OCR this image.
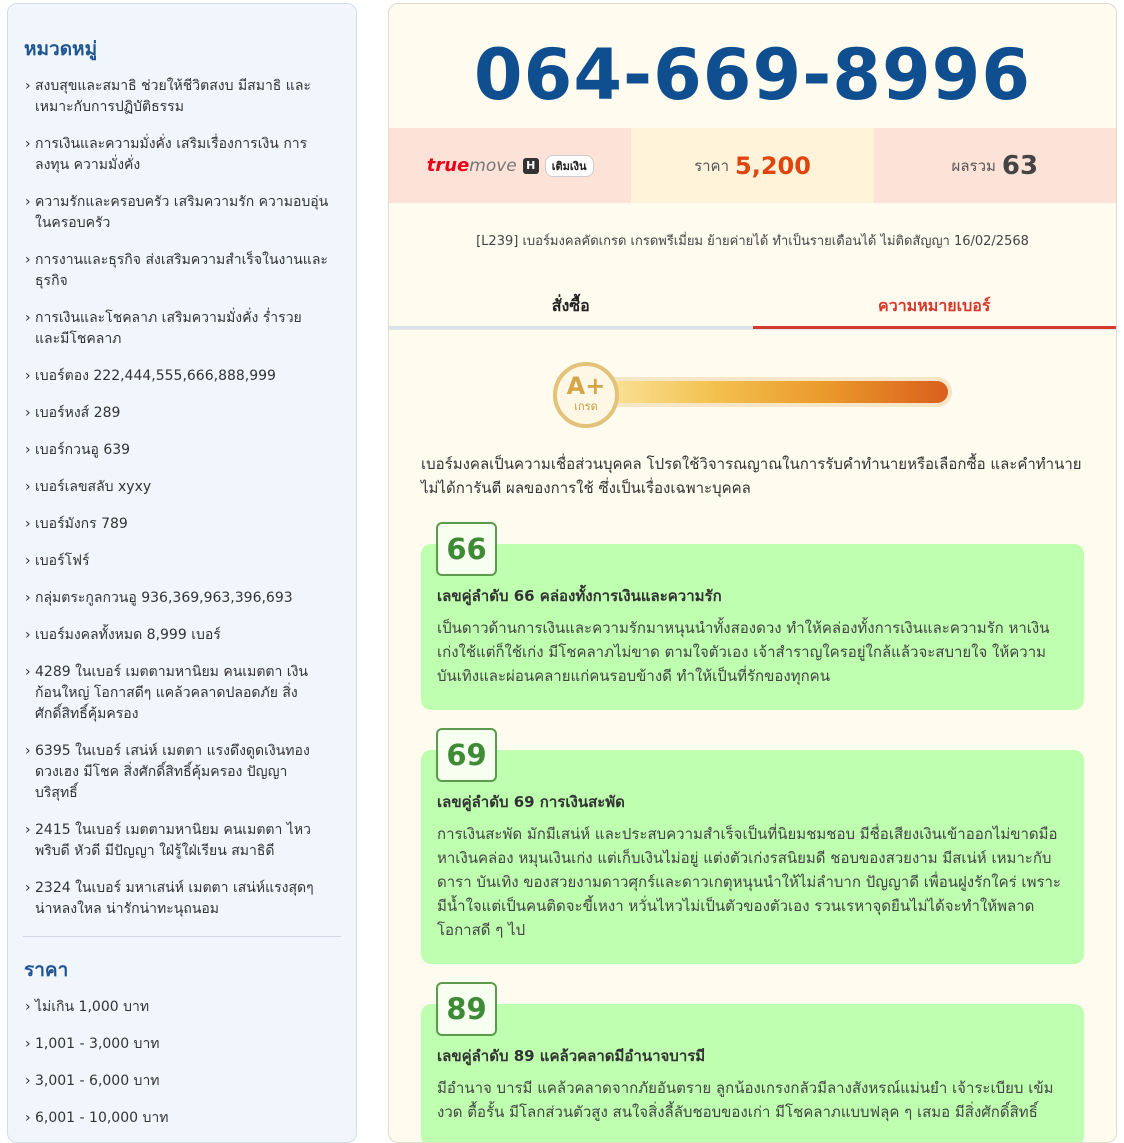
หมวดหมู่
› สงบสุขและสมาธิ ช่วยให้ชีวิตสงบ มีสมาธิ และเหมาะกับการปฏิบัติธรรม
› การเงินและความมั่งคั่ง เสริมเรื่องการเงิน การลงทุน ความมั่งคั่ง
› ความรักและครอบครัว เสริมความรัก ความอบอุ่นในครอบครัว
› การงานและธุรกิจ ส่งเสริมความสำเร็จในงานและธุรกิจ
› การเงินและโชคลาภ เสริมความมั่งคั่ง ร่ำรวย และมีโชคลาภ
› เบอร์ตอง 222,444,555,666,888,999
› เบอร์หงส์ 289
› เบอร์กวนอู 639
› เบอร์เลขสลับ xyxy
› เบอร์มังกร 789
› เบอร์โฟร์
› กลุ่มตระกูลกวนอู 936,369,963,396,693
› เบอร์มงคลทั้งหมด 8,999 เบอร์
› 4289 ในเบอร์ เมตตามหานิยม คนเมตตา เงินก้อนใหญ่ โอกาสดีๆ แคล้วคลาดปลอดภัย สิ่งศักดิ์สิทธิ์คุ้มครอง
› 6395 ในเบอร์ เสน่ห์ เมตตา แรงดึงดูดเงินทอง ดวงเฮง มีโชค สิ่งศักดิ์สิทธิ์คุ้มครอง ปัญญาบริสุทธิ์
› 2415 ในเบอร์ เมตตามหานิยม คนเมตตา ไหวพริบดี หัวดี มีปัญญา ใฝ่รู้ใฝ่เรียน สมาธิดี
› 2324 ในเบอร์ มหาเสน่ห์ เมตตา เสน่ห์แรงสุดๆ น่าหลงใหล น่ารักน่าทะนุถนอม
ราคา
› ไม่เกิน 1,000 บาท
› 1,001 - 3,000 บาท
› 3,001 - 6,000 บาท
› 6,001 - 10,000 บาท
064-669-8996
true move H	เติมเงิน	ราคา 5,200	ผลรวม 63
[L239] เบอร์มงคลคัดเกรด เกรดพรีเมี่ยม ย้ายค่ายได้ ทำเป็นรายเดือนได้ ไม่ติดสัญญา 16/02/2568
สั่งซื้อ	ความหมายเบอร์
A+
เกรด
เบอร์มงคลเป็นความเชื่อส่วนบุคคล โปรดใช้วิจารณญาณในการรับคำทำนายหรือเลือกซื้อ และคำทำนายไม่ได้การันตี ผลของการใช้ ซึ่งเป็นเรื่องเฉพาะบุคคล
66
เลขคู่ลำดับ 66 คล่องทั้งการเงินและความรัก
เป็นดาวด้านการเงินและความรักมาหนุนนำทั้งสองดวง ทำให้คล่องทั้งการเงินและความรัก หาเงินเก่งใช้แต่ก็ใช้เก่ง มีโชคลาภไม่ขาด ตามใจตัวเอง เจ้าสำราญใครอยู่ใกล้แล้วจะสบายใจ ให้ความบันเทิงและผ่อนคลายแก่คนรอบข้างดี ทำให้เป็นที่รักของทุกคน
69
เลขคู่ลำดับ 69 การเงินสะพัด
การเงินสะพัด มักมีเสน่ห์ และประสบความสำเร็จเป็นที่นิยมชมชอบ มีชื่อเสียงเงินเข้าออกไม่ขาดมือ หาเงินคล่อง หมุนเงินเก่ง แต่เก็บเงินไม่อยู่ แต่งตัวเก่งรสนิยมดี ชอบของสวยงาม มีสเน่ห์ เหมาะกับดารา บันเทิง ของสวยงามดาวศุกร์และดาวเกตุหนุนนำให้ไม่ลำบาก ปัญญาดี เพื่อนฝูงรักใคร่ เพราะมีน้ำใจแต่เป็นคนติดจะขี้เหงา หวั่นไหวไม่เป็นตัวของตัวเอง รวนเรหาจุดยืนไม่ได้จะทำให้พลาดโอกาสดี ๆ ไป
89
เลขคู่ลำดับ 89 แคล้วคลาดมีอำนาจบารมี
มีอำนาจ บารมี แคล้วคลาดจากภัยอันตราย ลูกน้องเกรงกลัวมีลางสังหรณ์แม่นยำ เจ้าระเบียบ เข้มงวด ตื้อรั้น มีโลกส่วนตัวสูง สนใจสิ่งลี้ลับชอบของเก่า มีโชคลาภแบบฟลุค ๆ เสมอ มีสิ่งศักดิ์สิทธิ์
